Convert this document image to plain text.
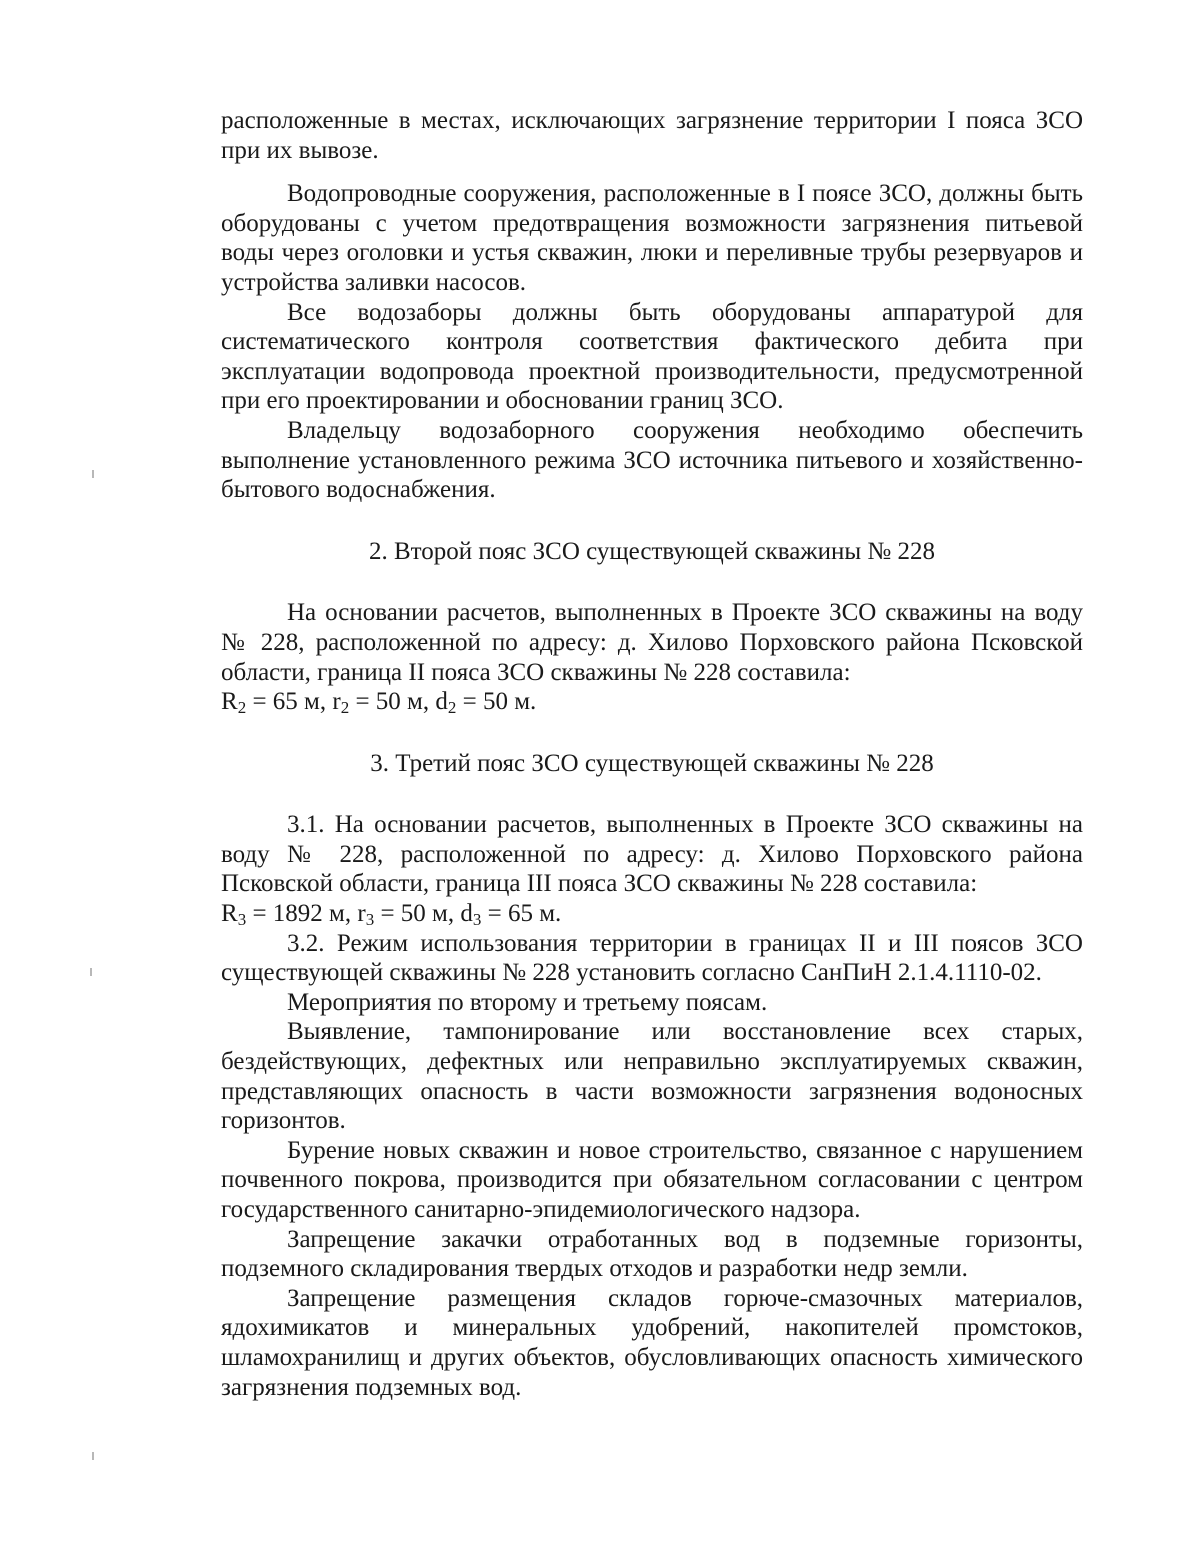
расположенные в местах, исключающих загрязнение территории I пояса ЗСО при их вывозе.

Водопроводные сооружения, расположенные в I поясе ЗСО, должны быть оборудованы с учетом предотвращения возможности загрязнения питьевой воды через оголовки и устья скважин, люки и переливные трубы резервуаров и устройства заливки насосов.

Все водозаборы должны быть оборудованы аппаратурой для систематического контроля соответствия фактического дебита при эксплуатации водопровода проектной производительности, предусмотренной при его проектировании и обосновании границ ЗСО.

Владельцу водозаборного сооружения необходимо обеспечить выполнение установленного режима ЗСО источника питьевого и хозяйственно-бытового водоснабжения.

2. Второй пояс ЗСО существующей скважины № 228

На основании расчетов, выполненных в Проекте ЗСО скважины на воду № 228, расположенной по адресу: д. Хилово Порховского района Псковской области, граница II пояса ЗСО скважины № 228 составила:

$R_2 = 65$ м, $r_2 = 50$ м, $d_2 = 50$ м.

3. Третий пояс ЗСО существующей скважины № 228

3.1. На основании расчетов, выполненных в Проекте ЗСО скважины на воду № 228, расположенной по адресу: д. Хилово Порховского района Псковской области, граница III пояса ЗСО скважины № 228 составила:

$R_3 = 1892$ м, $r_3 = 50$ м, $d_3 = 65$ м.

3.2. Режим использования территории в границах II и III поясов ЗСО существующей скважины № 228 установить согласно СанПиН 2.1.4.1110-02.

Мероприятия по второму и третьему поясам.

Выявление, тампонирование или восстановление всех старых, бездействующих, дефектных или неправильно эксплуатируемых скважин, представляющих опасность в части возможности загрязнения водоносных горизонтов.

Бурение новых скважин и новое строительство, связанное с нарушением почвенного покрова, производится при обязательном согласовании с центром государственного санитарно-эпидемиологического надзора.

Запрещение закачки отработанных вод в подземные горизонты, подземного складирования твердых отходов и разработки недр земли.

Запрещение размещения складов горюче-смазочных материалов, ядохимикатов и минеральных удобрений, накопителей промстоков, шламохранилищ и других объектов, обусловливающих опасность химического загрязнения подземных вод.
